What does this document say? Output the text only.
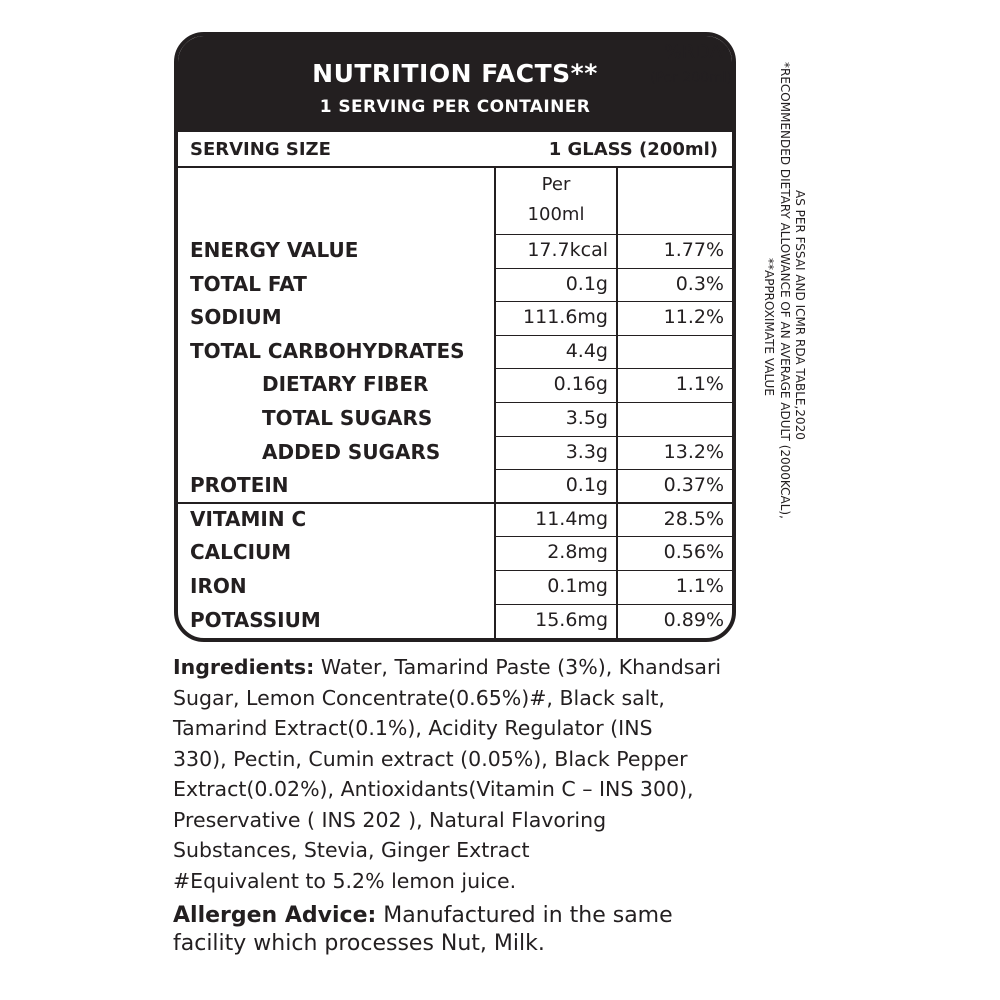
NUTRITION FACTS**
1 SERVING PER CONTAINER
SERVING SIZE	1 GLASS (200ml)
Per
100ml
%RDA*
(Per 200ml)
ENERGY VALUE	17.7kcal	1.77%
TOTAL FAT	0.1g	0.3%
SODIUM	111.6mg	11.2%
TOTAL CARBOHYDRATES	4.4g
DIETARY FIBER	0.16g	1.1%
TOTAL SUGARS	3.5g
ADDED SUGARS	3.3g	13.2%
PROTEIN	0.1g	0.37%
VITAMIN C	11.4mg	28.5%
CALCIUM	2.8mg	0.56%
IRON	0.1mg	1.1%
POTASSIUM	15.6mg	0.89%
**APPROXIMATE VALUE *RECOMMENDED DIETARY ALLOWANCE OF AN AVERAGE ADULT (2000KCAL), AS PER FSSAI AND ICMR RDA TABLE,2020
Ingredients: Water, Tamarind Paste (3%), Khandsari
Sugar, Lemon Concentrate(0.65%)#, Black salt,
Tamarind Extract(0.1%), Acidity Regulator (INS
330), Pectin, Cumin extract (0.05%), Black Pepper
Extract(0.02%), Antioxidants(Vitamin C – INS 300),
Preservative ( INS 202 ), Natural Flavoring
Substances, Stevia, Ginger Extract
#Equivalent to 5.2% lemon juice.
Allergen Advice: Manufactured in the same
facility which processes Nut, Milk.
